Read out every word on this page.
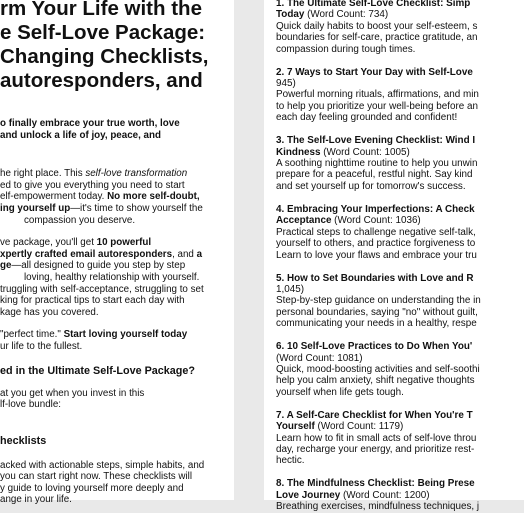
rm Your Life with the
e Self-Love Package:
Changing Checklists,
autoresponders, and

o finally embrace your true worth, love

and unlock a life of joy, peace, and

he right place. This self-love transformation

ed to give you everything you need to start

elf-empowerment today. No more self-doubt,

ing yourself up—it's time to show yourself the

compassion you deserve.

ve package, you'll get 10 powerful

xpertly crafted email autoresponders, and a

ge—all designed to guide you step by step

loving, healthy relationship with yourself.

truggling with self-acceptance, struggling to set

king for practical tips to start each day with

kage has you covered.

"perfect time." Start loving yourself today

ur life to the fullest.

ed in the Ultimate Self-Love Package?

at you get when you invest in this

lf-love bundle:

hecklists

acked with actionable steps, simple habits, and

you can start right now. These checklists will

y guide to loving yourself more deeply and

ange in your life.

1. The Ultimate Self-Love Checklist: Simp
Today (Word Count: 734)

Quick daily habits to boost your self-esteem, s

boundaries for self-care, practice gratitude, an

compassion during tough times.

2. 7 Ways to Start Your Day with Self-Love
945)

Powerful morning rituals, affirmations, and min

to help you prioritize your well-being before an

each day feeling grounded and confident!

3. The Self-Love Evening Checklist: Wind I
Kindness (Word Count: 1005)

A soothing nighttime routine to help you unwin

prepare for a peaceful, restful night. Say kind

and set yourself up for tomorrow's success.

4. Embracing Your Imperfections: A Check
Acceptance (Word Count: 1036)

Practical steps to challenge negative self-talk,

yourself to others, and practice forgiveness to

Learn to love your flaws and embrace your tru

5. How to Set Boundaries with Love and R
1,045)

Step-by-step guidance on understanding the in

personal boundaries, saying "no" without guilt,

communicating your needs in a healthy, respe

6. 10 Self-Love Practices to Do When You'
(Word Count: 1081)

Quick, mood-boosting activities and self-soothi

help you calm anxiety, shift negative thoughts

yourself when life gets tough.

7. A Self-Care Checklist for When You're T
Yourself (Word Count: 1179)

Learn how to fit in small acts of self-love throu

day, recharge your energy, and prioritize rest-

hectic.

8. The Mindfulness Checklist: Being Prese
Love Journey (Word Count: 1200)

Breathing exercises, mindfulness techniques, j
